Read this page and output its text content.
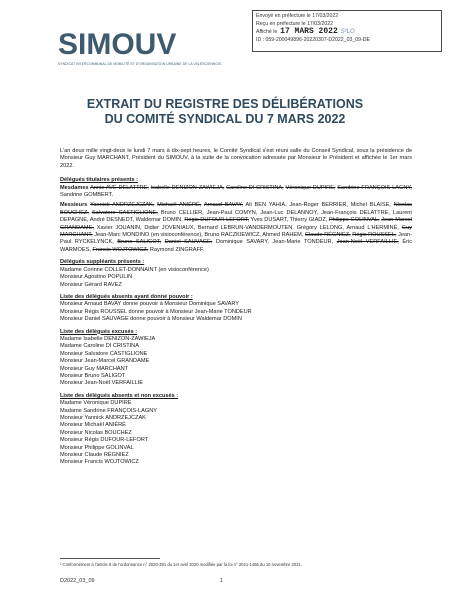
SIMOUV
SYNDICAT INTERCOMMUNAL DE MOBILITÉ ET D'ORGANISATION URBAINE DE LA VALENCIENNOIS
Envoyé en préfecture le 17/03/2022
Reçu en préfecture le 17/03/2022
Affiché le 17 MARS 2022 S²LO
ID : 059-200049896-20220307-D2022_03_09-DE
EXTRAIT DU REGISTRE DES DÉLIBÉRATIONS
DU COMITÉ SYNDICAL DU 7 MARS 2022
L'an deux mille vingt-deux le lundi 7 mars à dix-sept heures, le Comité Syndical s'est réuni salle du Conseil Syndical, sous la présidence de Monsieur Guy MARCHANT, Président du SIMOUV, à la suite de la convocation adressée par Monsieur le Président et affichée le 1er mars 2022.
Délégués titulaires présents :
Mesdames Annie AVÉ-DELATTRE, Isabelle DENIZON-ZAWIEJA, Caroline DI CRISTINA, Véronique DUPIRE, Sandrine FRANÇOIS-LAGNY, Sandrine GOMBERT.
Messieurs Yannick ANDRZEJCZAK, Michaël ANIÉRÉ, Arnaud BAVAY, Ali BEN YAHIA, Jean-Roger BERRIER, Michel BLAISE, Nicolas BOUCHEZ, Salvatore CASTIGLIONE, Bruno CELLIER, Jean-Paul COMYN, Jean-Luc DELANNOY, Jean-François DELATTRE, Laurent DEPAGNE, André DESNEDT, Waldemar DOMIN, Régis DUFOUR-LEFORT, Yves DUSART, Thierry GIADZ, Philippe GOLINVAL, Jean-Marcel GRANDAME, Xavier JOUANIN, Didier JOVENIAUX, Bernard LEBRUN-VANDERMOUTEN, Grégory LELONG, Arnaud L'HERMINÉ, Guy MARCHANT, Jean-Marc MONDINO (en visioconférence), Bruno RACZKIEWICZ, Ahmed RAHEM, Claude RÉGNIEZ, Régis ROUSSEL, Jean-Paul RYCKELYNCK, Bruno SALIGOT, Daniel SAUVAGE, Dominique SAVARY, Jean-Marie TONDEUR, Jean-Noël VERFAILLIE, Éric WARMOES, Francis WOJTOWICZ, Raymond ZINGRAFF.
Délégués suppléants présents :
Madame Corinne COLLET-DONNAINT (en visioconférence)
Monsieur Agostino POPULIN
Monsieur Gérard RAVEZ
Liste des délégués absents ayant donné pouvoir :
Monsieur Arnaud BAVAY donne pouvoir à Monsieur Dominique SAVARY
Monsieur Régis ROUSSEL donne pouvoir à Monsieur Jean-Marie TONDEUR
Monsieur Daniel SAUVAGE donne pouvoir à Monsieur Waldemar DOMIN
Liste des délégués excusés :
Madame Isabelle DENIZON-ZAWIEJA
Madame Caroline DI CRISTINA
Monsieur Salvatore CASTIGLIONE
Monsieur Jean-Marcel GRANDAME
Monsieur Guy MARCHANT
Monsieur Bruno SALIGOT
Monsieur Jean-Noël VERFAILLIE
Liste des délégués absents et non excusés :
Madame Véronique DUPIRE
Madame Sandrine FRANÇOIS-LAGNY
Monsieur Yannick ANDRZEJCZAK
Monsieur Michaël ANIÉRÉ
Monsieur Nicolas BOUCHEZ
Monsieur Régis DUFOUR-LEFORT
Monsieur Philippe GOLINVAL
Monsieur Claude RÉGNIEZ
Monsieur Francis WOJTOWICZ
¹ Conformément à l'article 6 de l'ordonnance n° 2020-391 du 1er avril 2020 modifiée par la loi n° 2021-1465 du 10 novembre 2021.
D2022_03_09	1
